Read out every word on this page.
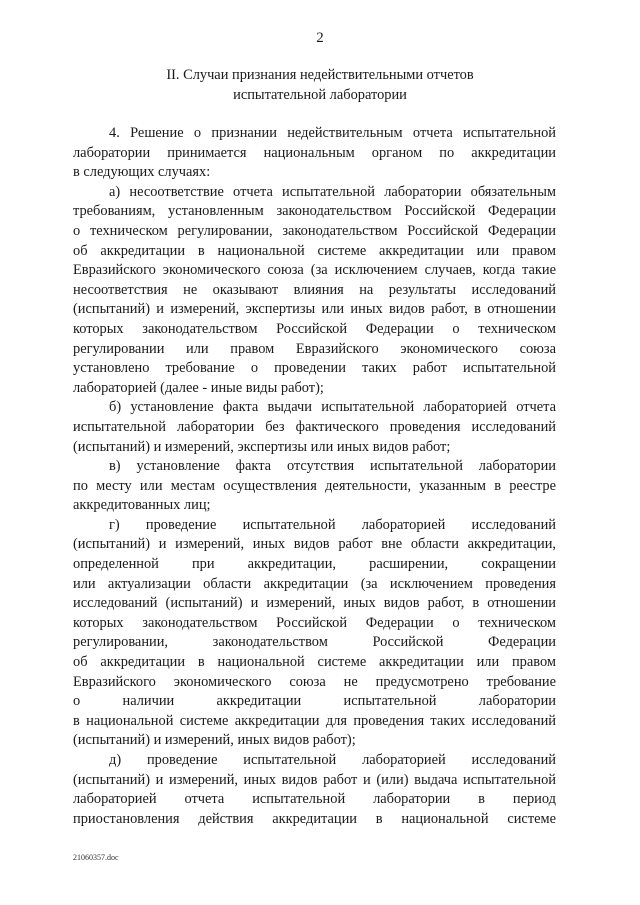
2
II. Случаи признания недействительными отчетов
испытательной лаборатории
4. Решение о признании недействительным отчета испытательной
лаборатории принимается национальным органом по аккредитации
в следующих случаях:
а) несоответствие отчета испытательной лаборатории обязательным
требованиям, установленным законодательством Российской Федерации
о техническом регулировании, законодательством Российской Федерации
об аккредитации в национальной системе аккредитации или правом
Евразийского экономического союза (за исключением случаев, когда такие
несоответствия не оказывают влияния на результаты исследований
(испытаний) и измерений, экспертизы или иных видов работ, в отношении
которых законодательством Российской Федерации о техническом
регулировании или правом Евразийского экономического союза
установлено требование о проведении таких работ испытательной
лабораторией (далее - иные виды работ);
б) установление факта выдачи испытательной лабораторией отчета
испытательной лаборатории без фактического проведения исследований
(испытаний) и измерений, экспертизы или иных видов работ;
в) установление факта отсутствия испытательной лаборатории
по месту или местам осуществления деятельности, указанным в реестре
аккредитованных лиц;
г) проведение испытательной лабораторией исследований
(испытаний) и измерений, иных видов работ вне области аккредитации,
определенной при аккредитации, расширении, сокращении
или актуализации области аккредитации (за исключением проведения
исследований (испытаний) и измерений, иных видов работ, в отношении
которых законодательством Российской Федерации о техническом
регулировании, законодательством Российской Федерации
об аккредитации в национальной системе аккредитации или правом
Евразийского экономического союза не предусмотрено требование
о наличии аккредитации испытательной лаборатории
в национальной системе аккредитации для проведения таких исследований
(испытаний) и измерений, иных видов работ);
д) проведение испытательной лабораторией исследований
(испытаний) и измерений, иных видов работ и (или) выдача испытательной
лабораторией отчета испытательной лаборатории в период
приостановления действия аккредитации в национальной системе
21060357.doc
